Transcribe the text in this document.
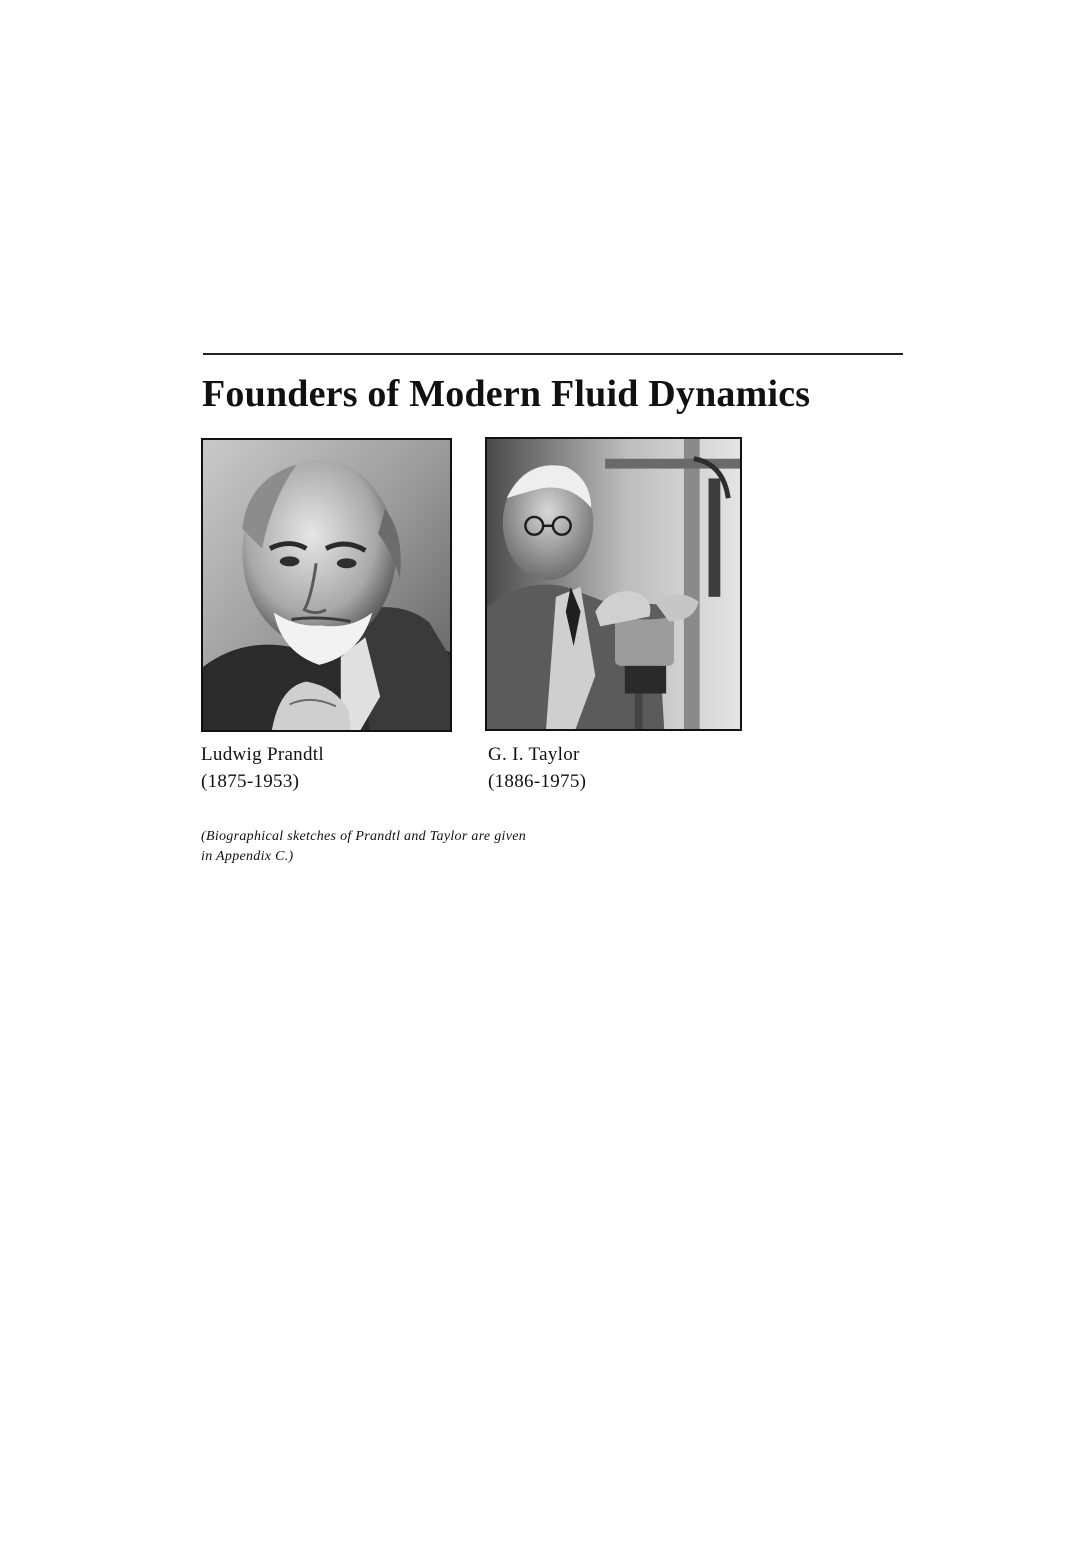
Founders of Modern Fluid Dynamics
Ludwig Prandtl
(1875-1953)
G. I. Taylor
(1886-1975)
(Biographical sketches of Prandtl and Taylor are given
in Appendix C.)
